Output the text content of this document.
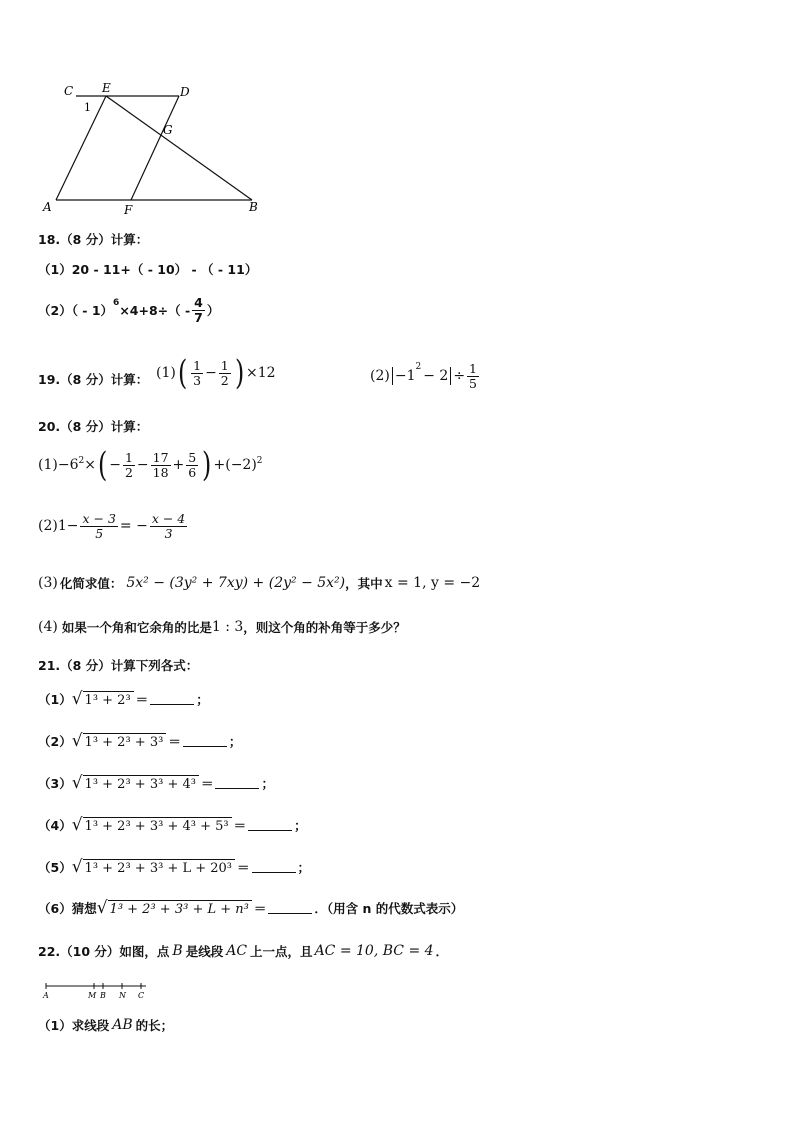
C E	D
G
1
A	F	B
18.（8 分）计算：
（1）20 - 11+（ - 10） - （ - 11）
（2）（ - 1）
$^6$
$\times 4+8\div( - \frac{4}{7}$ ）
19.（8 分）计算： (1) ( $\frac{1}{3} - \frac{1}{2}$ ) ×12	(2) −1
$^2$
− $2 \div \frac{1}{5}$
20.（8 分）计算：
$(1) -6^2$ × ( − $\frac{1}{2} - \frac{17}{18} + \frac{5}{6}$ ) $+(-2)^2$
$(2)1- \frac{x - 3}{5}$ = − $\frac{x - 4}{3}$
(3) 化简求值： 5x² − (3y² + 7xy) + (2y² − 5x²) ，其中 x = 1, y = −2
(4) 如果一个角和它余角的比是 1 : 3 ，则这个角的补角等于多少？
21.（8 分）计算下列各式：
（1） √ 1³ + 2³ ＝	；
（2） √ 1³ + 2³ + 3³ ＝	；
（3） √ 1³ + 2³ + 3³ + 4³ ＝	；
（4） √ 1³ + 2³ + 3³ + 4³ + 5³ ＝	；
（5） √ 1³ + 2³ + 3³ + L + 20³ ＝	；
（6）猜想 √ 1³ + 2³ + 3³ + L + n³ ＝	．（用含 n 的代数式表示）
22.（10 分）如图，点 B 是线段 AC 上一点，且 AC = 10, BC = 4 ．
A	M B N C
（1）求线段 AB 的长；
